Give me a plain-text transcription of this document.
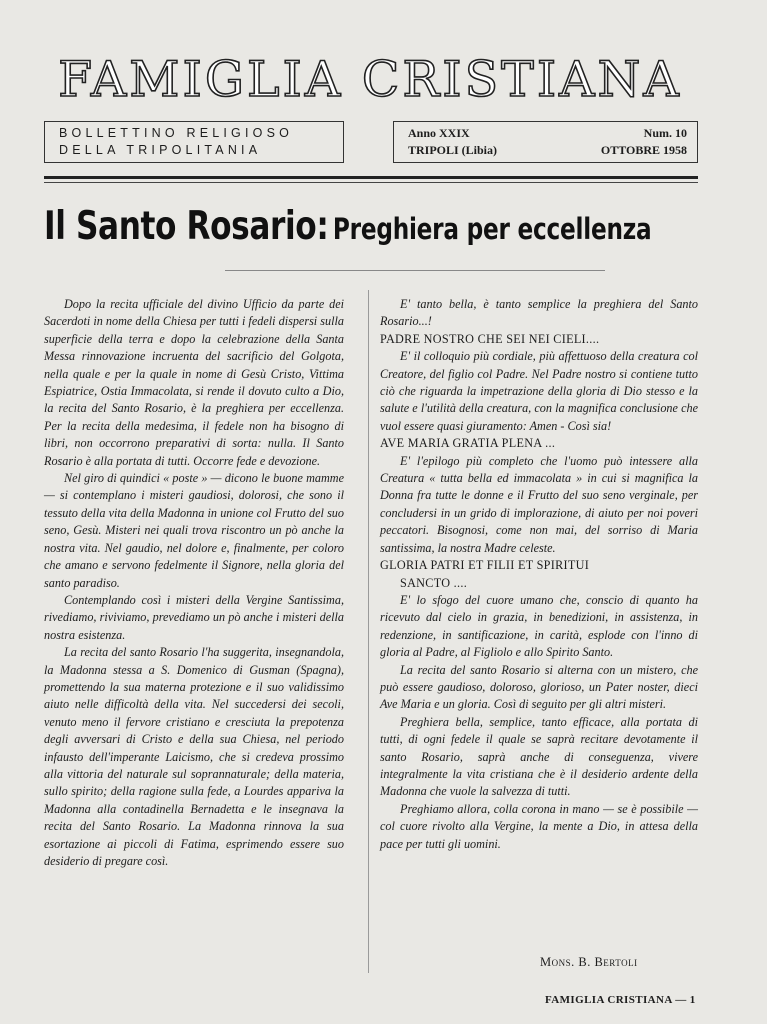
FAMIGLIA CRISTIANA
BOLLETTINO RELIGIOSO
DELLA TRIPOLITANIA
Anno XXIX	Num. 10
TRIPOLI (Libia)	OTTOBRE 1958
Il Santo Rosario: Preghiera per eccellenza

Dopo la recita ufficiale del divino Ufficio da parte dei Sacerdoti in nome della Chiesa per tutti i fedeli dispersi sulla superficie della terra e dopo la celebrazione della Santa Messa rinnovazione incruenta del sacrificio del Golgota, nella quale e per la quale in nome di Gesù Cristo, Vittima Espiatrice, Ostia Immacolata, si rende il dovuto culto a Dio, la recita del Santo Rosario, è la preghiera per eccellenza. Per la recita della medesima, il fedele non ha bisogno di libri, non occorrono preparativi di sorta: nulla. Il Santo Rosario è alla portata di tutti. Occorre fede e devozione.

Nel giro di quindici « poste » — dicono le buone mamme — si contemplano i misteri gaudiosi, dolorosi, che sono il tessuto della vita della Madonna in unione col Frutto del suo seno, Gesù. Misteri nei quali trova riscontro un pò anche la nostra vita. Nel gaudio, nel dolore e, finalmente, per coloro che amano e servono fedelmente il Signore, nella gloria del santo paradiso.

Contemplando così i misteri della Vergine Santissima, rivediamo, riviviamo, prevediamo un pò anche i misteri della nostra esistenza.

La recita del santo Rosario l'ha suggerita, insegnandola, la Madonna stessa a S. Domenico di Gusman (Spagna), promettendo la sua materna protezione e il suo validissimo aiuto nelle difficoltà della vita. Nel succedersi dei secoli, venuto meno il fervore cristiano e cresciuta la prepotenza degli avversari di Cristo e della sua Chiesa, nel periodo infausto dell'imperante Laicismo, che si credeva prossimo alla vittoria del naturale sul soprannaturale; della materia, sullo spirito; della ragione sulla fede, a Lourdes appariva la Madonna alla contadinella Bernadetta e le insegnava la recita del Santo Rosario. La Madonna rinnova la sua esortazione ai piccoli di Fatima, esprimendo essere suo desiderio di pregare così.

E' tanto bella, è tanto semplice la preghiera del Santo Rosario...!

PADRE NOSTRO CHE SEI NEI CIELI....

E' il colloquio più cordiale, più affettuoso della creatura col Creatore, del figlio col Padre. Nel Padre nostro si contiene tutto ciò che riguarda la impetrazione della gloria di Dio stesso e la salute e l'utilità della creatura, con la magnifica conclusione che vuol essere quasi giuramento: Amen - Così sia!

AVE MARIA GRATIA PLENA ...

E' l'epilogo più completo che l'uomo può intessere alla Creatura « tutta bella ed immacolata » in cui si magnifica la Donna fra tutte le donne e il Frutto del suo seno verginale, per concludersi in un grido di implorazione, di aiuto per noi poveri peccatori. Bisognosi, come non mai, del sorriso di Maria santissima, la nostra Madre celeste.

GLORIA PATRI ET FILII ET SPIRITUI

SANCTO ....

E' lo sfogo del cuore umano che, conscio di quanto ha ricevuto dal cielo in grazia, in benedizioni, in assistenza, in redenzione, in santificazione, in carità, esplode con l'inno di gloria al Padre, al Figliolo e allo Spirito Santo.

La recita del santo Rosario si alterna con un mistero, che può essere gaudioso, doloroso, glorioso, un Pater noster, dieci Ave Maria e un gloria. Così di seguito per gli altri misteri.

Preghiera bella, semplice, tanto efficace, alla portata di tutti, di ogni fedele il quale se saprà recitare devotamente il santo Rosario, saprà anche di conseguenza, vivere integralmente la vita cristiana che è il desiderio ardente della Madonna che vuole la salvezza di tutti.

Preghiamo allora, colla corona in mano — se è possibile — col cuore rivolto alla Vergine, la mente a Dio, in attesa della pace per tutti gli uomini.

Mons. B. Bertoli
FAMIGLIA CRISTIANA — 1
